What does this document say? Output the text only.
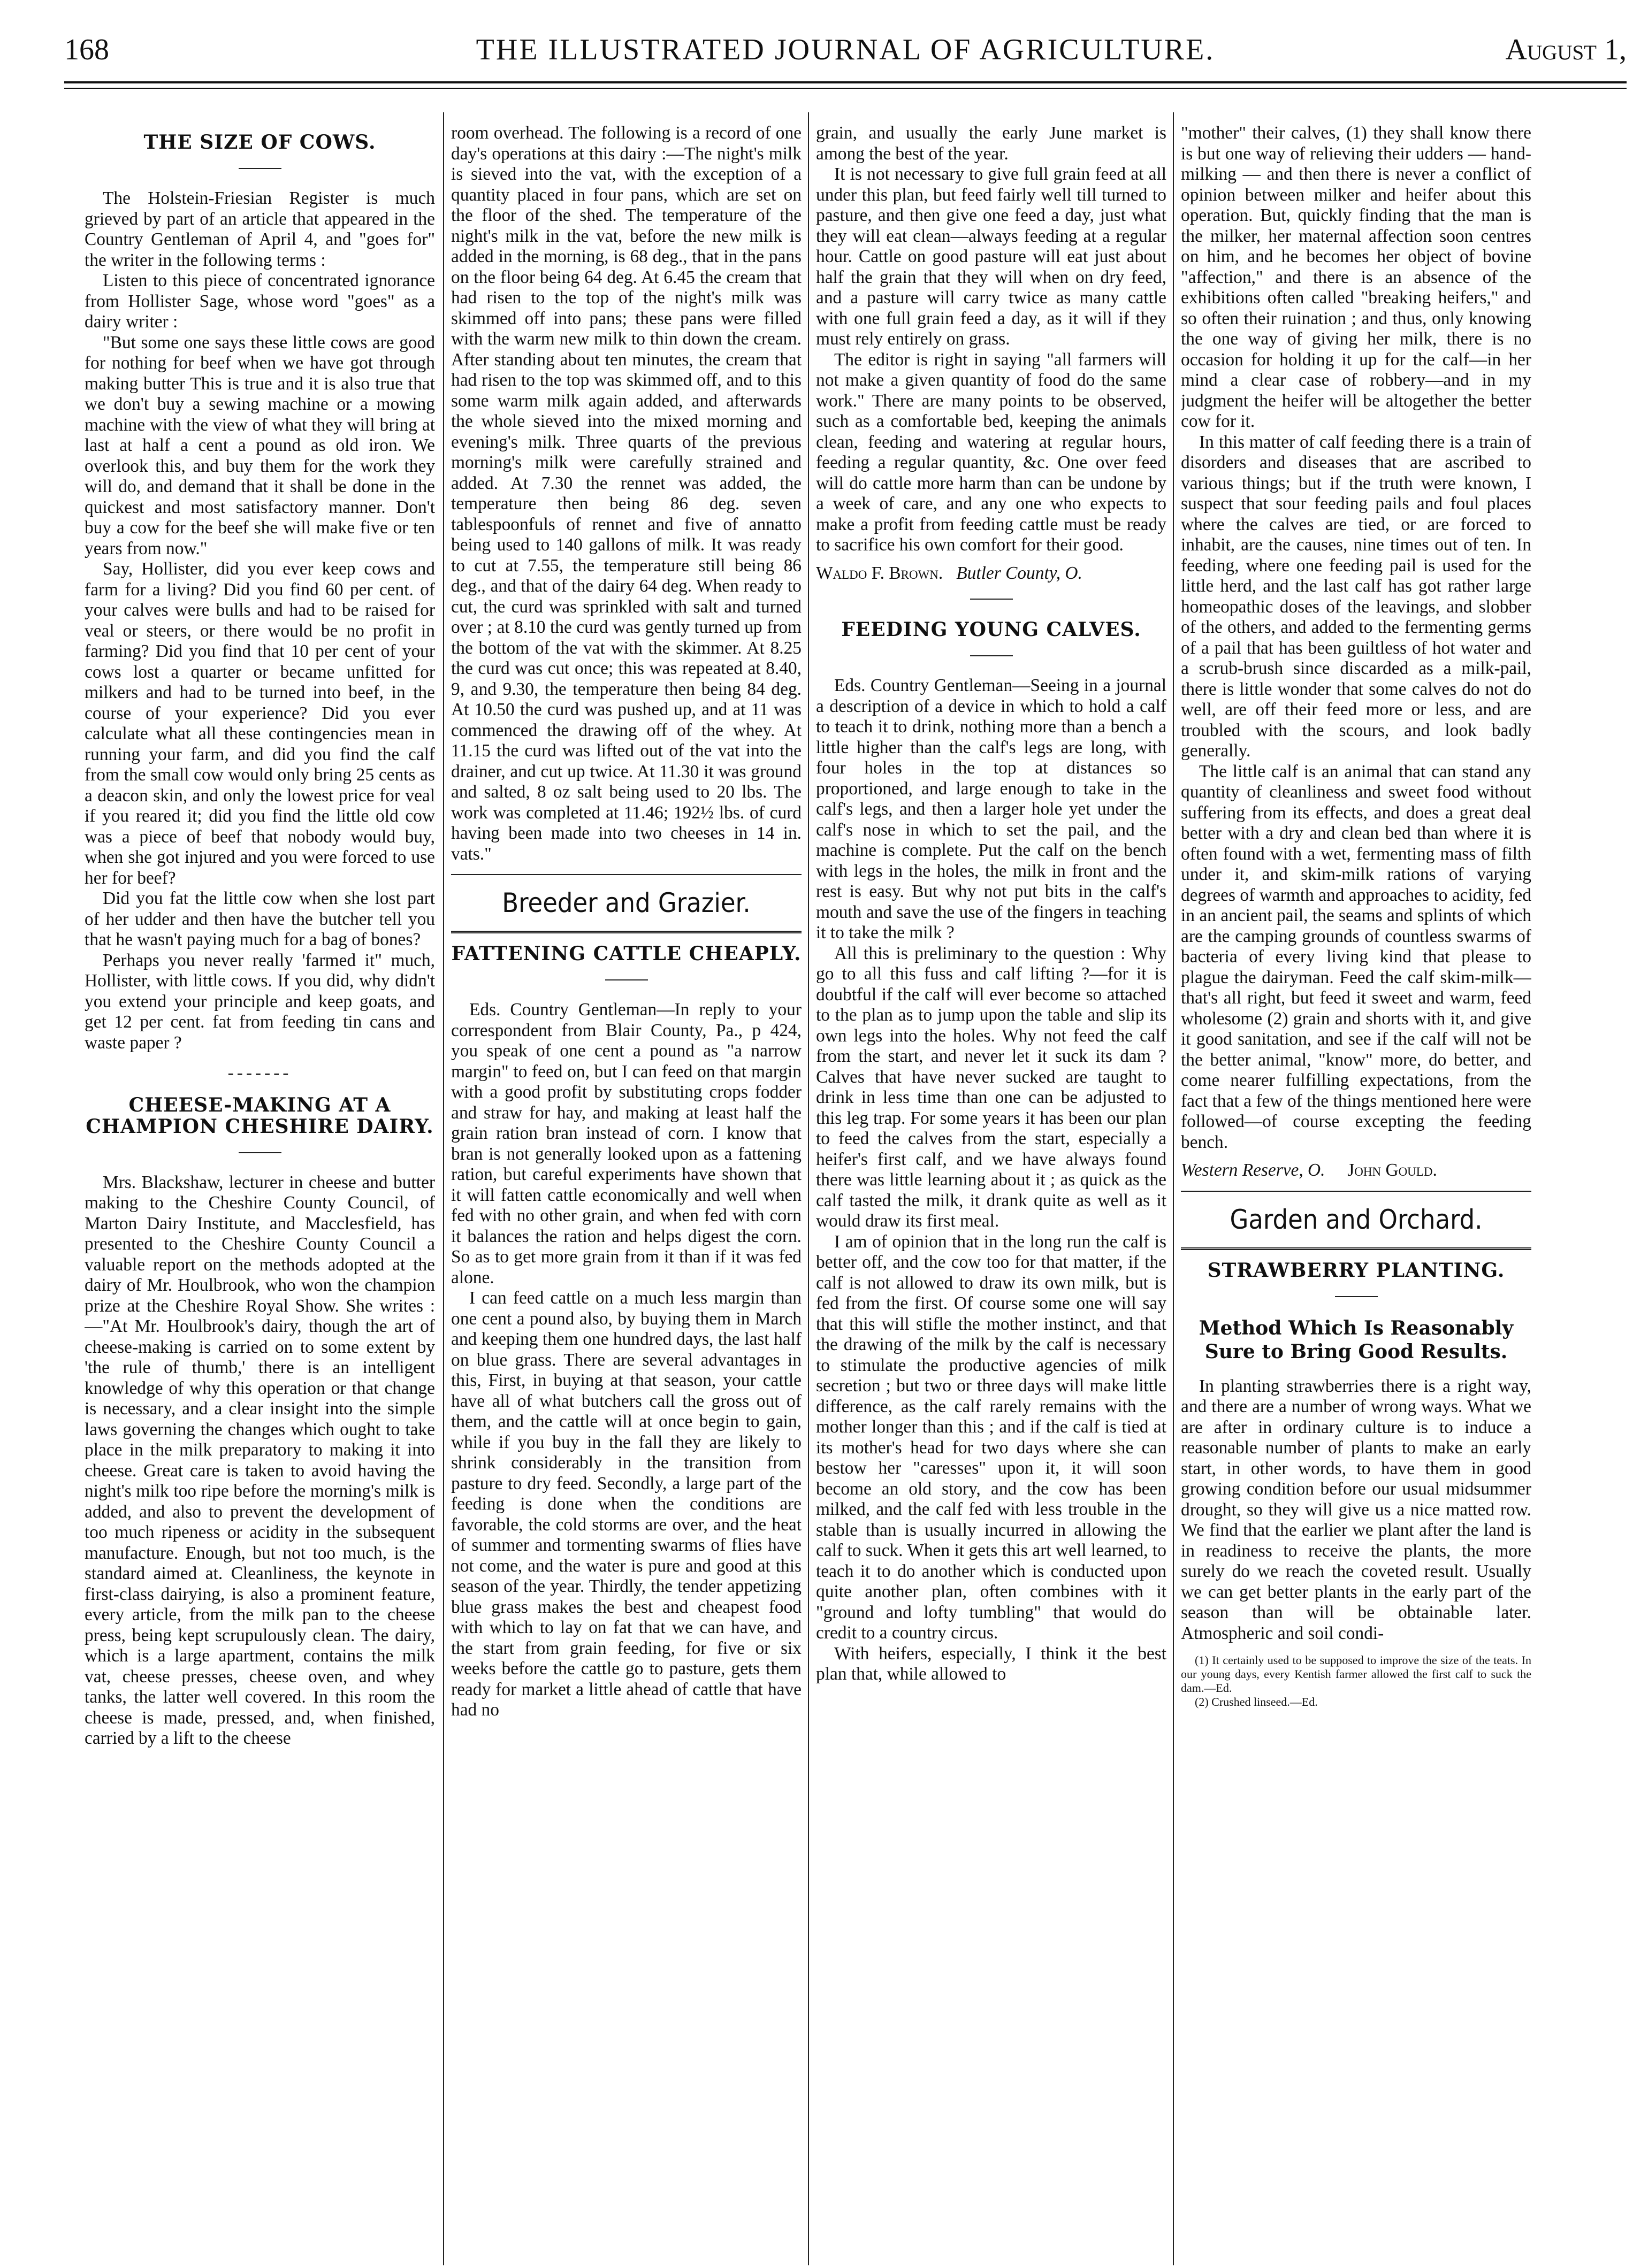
168	THE ILLUSTRATED JOURNAL OF AGRICULTURE.	August 1,
THE SIZE OF COWS.

The Holstein-Friesian Register is much grieved by part of an article that appeared in the Country Gentleman of April 4, and "goes for" the writer in the following terms :

Listen to this piece of concentrated ignorance from Hollister Sage, whose word "goes" as a dairy writer :

"But some one says these little cows are good for nothing for beef when we have got through making butter This is true and it is also true that we don't buy a sewing machine or a mowing machine with the view of what they will bring at last at half a cent a pound as old iron. We overlook this, and buy them for the work they will do, and demand that it shall be done in the quickest and most satisfactory manner. Don't buy a cow for the beef she will make five or ten years from now."

Say, Hollister, did you ever keep cows and farm for a living? Did you find 60 per cent. of your calves were bulls and had to be raised for veal or steers, or there would be no profit in farming? Did you find that 10 per cent of your cows lost a quarter or became unfitted for milkers and had to be turned into beef, in the course of your experience? Did you ever calculate what all these contingencies mean in running your farm, and did you find the calf from the small cow would only bring 25 cents as a deacon skin, and only the lowest price for veal if you reared it; did you find the little old cow was a piece of beef that nobody would buy, when she got injured and you were forced to use her for beef?

Did you fat the little cow when she lost part of her udder and then have the butcher tell you that he wasn't paying much for a bag of bones?

Perhaps you never really 'farmed it" much, Hollister, with little cows. If you did, why didn't you extend your principle and keep goats, and get 12 per cent. fat from feeding tin cans and waste paper ?

-------
CHEESE-MAKING AT A CHAMPION CHESHIRE DAIRY.

Mrs. Blackshaw, lecturer in cheese and butter making to the Cheshire County Council, of Marton Dairy Institute, and Macclesfield, has presented to the Cheshire County Council a valuable report on the methods adopted at the dairy of Mr. Houlbrook, who won the champion prize at the Cheshire Royal Show. She writes :—"At Mr. Houlbrook's dairy, though the art of cheese-making is carried on to some extent by 'the rule of thumb,' there is an intelligent knowledge of why this operation or that change is necessary, and a clear insight into the simple laws governing the changes which ought to take place in the milk preparatory to making it into cheese. Great care is taken to avoid having the night's milk too ripe before the morning's milk is added, and also to prevent the development of too much ripeness or acidity in the subsequent manufacture. Enough, but not too much, is the standard aimed at. Cleanliness, the keynote in first-class dairying, is also a prominent feature, every article, from the milk pan to the cheese press, being kept scrupulously clean. The dairy, which is a large apartment, contains the milk vat, cheese presses, cheese oven, and whey tanks, the latter well covered. In this room the cheese is made, pressed, and, when finished, carried by a lift to the cheese

room overhead. The following is a record of one day's operations at this dairy :—The night's milk is sieved into the vat, with the exception of a quantity placed in four pans, which are set on the floor of the shed. The temperature of the night's milk in the vat, before the new milk is added in the morning, is 68 deg., that in the pans on the floor being 64 deg. At 6.45 the cream that had risen to the top of the night's milk was skimmed off into pans; these pans were filled with the warm new milk to thin down the cream. After standing about ten minutes, the cream that had risen to the top was skimmed off, and to this some warm milk again added, and afterwards the whole sieved into the mixed morning and evening's milk. Three quarts of the previous morning's milk were carefully strained and added. At 7.30 the rennet was added, the temperature then being 86 deg. seven tablespoonfuls of rennet and five of annatto being used to 140 gallons of milk. It was ready to cut at 7.55, the temperature still being 86 deg., and that of the dairy 64 deg. When ready to cut, the curd was sprinkled with salt and turned over ; at 8.10 the curd was gently turned up from the bottom of the vat with the skimmer. At 8.25 the curd was cut once; this was repeated at 8.40, 9, and 9.30, the temperature then being 84 deg. At 10.50 the curd was pushed up, and at 11 was commenced the drawing off of the whey. At 11.15 the curd was lifted out of the vat into the drainer, and cut up twice. At 11.30 it was ground and salted, 8 oz salt being used to 20 lbs. The work was completed at 11.46; 192½ lbs. of curd having been made into two cheeses in 14 in. vats."

Breeder and Grazier.
FATTENING CATTLE CHEAPLY.

Eds. Country Gentleman—In reply to your correspondent from Blair County, Pa., p 424, you speak of one cent a pound as "a narrow margin" to feed on, but I can feed on that margin with a good profit by substituting crops fodder and straw for hay, and making at least half the grain ration bran instead of corn. I know that bran is not generally looked upon as a fattening ration, but careful experiments have shown that it will fatten cattle economically and well when fed with no other grain, and when fed with corn it balances the ration and helps digest the corn. So as to get more grain from it than if it was fed alone.

I can feed cattle on a much less margin than one cent a pound also, by buying them in March and keeping them one hundred days, the last half on blue grass. There are several advantages in this, First, in buying at that season, your cattle have all of what butchers call the gross out of them, and the cattle will at once begin to gain, while if you buy in the fall they are likely to shrink considerably in the transition from pasture to dry feed. Secondly, a large part of the feeding is done when the conditions are favorable, the cold storms are over, and the heat of summer and tormenting swarms of flies have not come, and the water is pure and good at this season of the year. Thirdly, the tender appetizing blue grass makes the best and cheapest food with which to lay on fat that we can have, and the start from grain feeding, for five or six weeks before the cattle go to pasture, gets them ready for market a little ahead of cattle that have had no

grain, and usually the early June market is among the best of the year.

It is not necessary to give full grain feed at all under this plan, but feed fairly well till turned to pasture, and then give one feed a day, just what they will eat clean—always feeding at a regular hour. Cattle on good pasture will eat just about half the grain that they will when on dry feed, and a pasture will carry twice as many cattle with one full grain feed a day, as it will if they must rely entirely on grass.

The editor is right in saying "all farmers will not make a given quantity of food do the same work." There are many points to be observed, such as a comfortable bed, keeping the animals clean, feeding and watering at regular hours, feeding a regular quantity, &c. One over feed will do cattle more harm than can be undone by a week of care, and any one who expects to make a profit from feeding cattle must be ready to sacrifice his own comfort for their good.

Waldo F. Brown. Butler County, O.
FEEDING YOUNG CALVES.

Eds. Country Gentleman—Seeing in a journal a description of a device in which to hold a calf to teach it to drink, nothing more than a bench a little higher than the calf's legs are long, with four holes in the top at distances so proportioned, and large enough to take in the calf's legs, and then a larger hole yet under the calf's nose in which to set the pail, and the machine is complete. Put the calf on the bench with legs in the holes, the milk in front and the rest is easy. But why not put bits in the calf's mouth and save the use of the fingers in teaching it to take the milk ?

All this is preliminary to the question : Why go to all this fuss and calf lifting ?—for it is doubtful if the calf will ever become so attached to the plan as to jump upon the table and slip its own legs into the holes. Why not feed the calf from the start, and never let it suck its dam ? Calves that have never sucked are taught to drink in less time than one can be adjusted to this leg trap. For some years it has been our plan to feed the calves from the start, especially a heifer's first calf, and we have always found there was little learning about it ; as quick as the calf tasted the milk, it drank quite as well as it would draw its first meal.

I am of opinion that in the long run the calf is better off, and the cow too for that matter, if the calf is not allowed to draw its own milk, but is fed from the first. Of course some one will say that this will stifle the mother instinct, and that the drawing of the milk by the calf is necessary to stimulate the productive agencies of milk secretion ; but two or three days will make little difference, as the calf rarely remains with the mother longer than this ; and if the calf is tied at its mother's head for two days where she can bestow her "caresses" upon it, it will soon become an old story, and the cow has been milked, and the calf fed with less trouble in the stable than is usually incurred in allowing the calf to suck. When it gets this art well learned, to teach it to do another which is conducted upon quite another plan, often combines with it "ground and lofty tumbling" that would do credit to a country circus.

With heifers, especially, I think it the best plan that, while allowed to

"mother" their calves, (1) they shall know there is but one way of relieving their udders — hand-milking — and then there is never a conflict of opinion between milker and heifer about this operation. But, quickly finding that the man is the milker, her maternal affection soon centres on him, and he becomes her object of bovine "affection," and there is an absence of the exhibitions often called "breaking heifers," and so often their ruination ; and thus, only knowing the one way of giving her milk, there is no occasion for holding it up for the calf—in her mind a clear case of robbery—and in my judgment the heifer will be altogether the better cow for it.

In this matter of calf feeding there is a train of disorders and diseases that are ascribed to various things; but if the truth were known, I suspect that sour feeding pails and foul places where the calves are tied, or are forced to inhabit, are the causes, nine times out of ten. In feeding, where one feeding pail is used for the little herd, and the last calf has got rather large homeopathic doses of the leavings, and slobber of the others, and added to the fermenting germs of a pail that has been guiltless of hot water and a scrub-brush since discarded as a milk-pail, there is little wonder that some calves do not do well, are off their feed more or less, and are troubled with the scours, and look badly generally.

The little calf is an animal that can stand any quantity of cleanliness and sweet food without suffering from its effects, and does a great deal better with a dry and clean bed than where it is often found with a wet, fermenting mass of filth under it, and skim-milk rations of varying degrees of warmth and approaches to acidity, fed in an ancient pail, the seams and splints of which are the camping grounds of countless swarms of bacteria of every living kind that please to plague the dairyman. Feed the calf skim-milk—that's all right, but feed it sweet and warm, feed wholesome (2) grain and shorts with it, and give it good sanitation, and see if the calf will not be the better animal, "know" more, do better, and come nearer fulfilling expectations, from the fact that a few of the things mentioned here were followed—of course excepting the feeding bench.

Western Reserve, O. John Gould.
Garden and Orchard.
STRAWBERRY PLANTING.
Method Which Is Reasonably Sure to Bring Good Results.

In planting strawberries there is a right way, and there are a number of wrong ways. What we are after in ordinary culture is to induce a reasonable number of plants to make an early start, in other words, to have them in good growing condition before our usual midsummer drought, so they will give us a nice matted row. We find that the earlier we plant after the land is in readiness to receive the plants, the more surely do we reach the coveted result. Usually we can get better plants in the early part of the season than will be obtainable later. Atmospheric and soil condi-

(1) It certainly used to be supposed to improve the size of the teats. In our young days, every Kentish farmer allowed the first calf to suck the dam.—Ed.

(2) Crushed linseed.—Ed.
